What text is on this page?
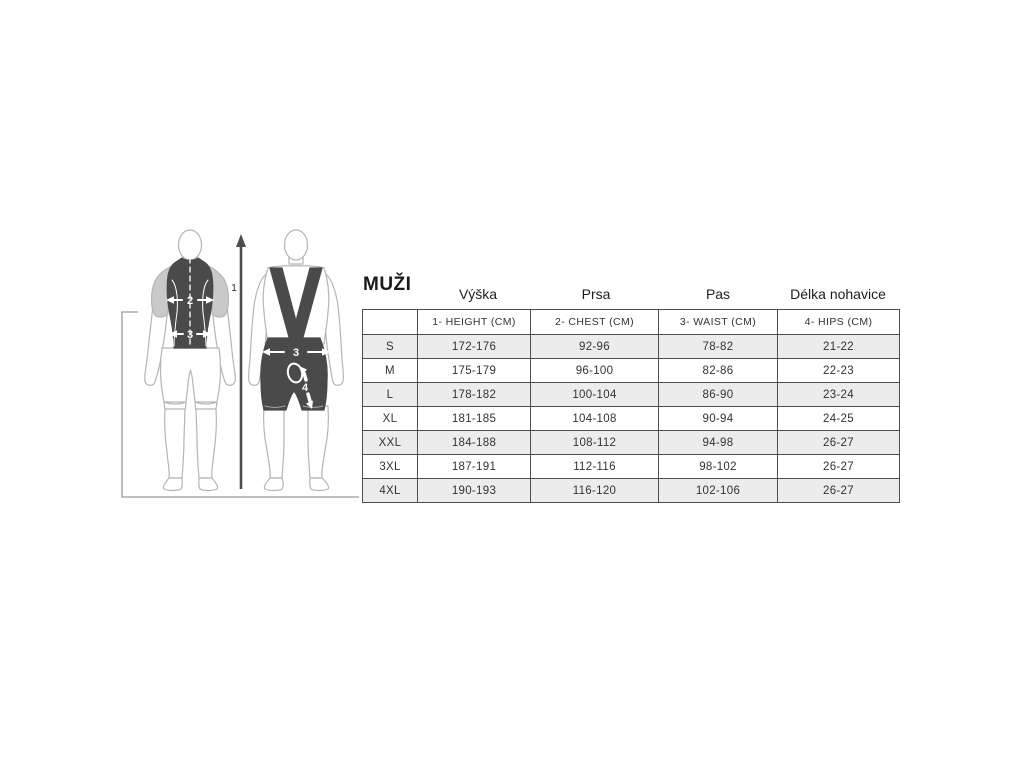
2
3
1
3
4
MUŽI	Výška	Prsa	Pas	Délka nohavice
	1- HEIGHT (CM)	2- CHEST (CM)	3- WAIST (CM)	4- HIPS (CM)
S	172-176	92-96	78-82	21-22
M	175-179	96-100	82-86	22-23
L	178-182	100-104	86-90	23-24
XL	181-185	104-108	90-94	24-25
XXL	184-188	108-112	94-98	26-27
3XL	187-191	112-116	98-102	26-27
4XL	190-193	116-120	102-106	26-27
